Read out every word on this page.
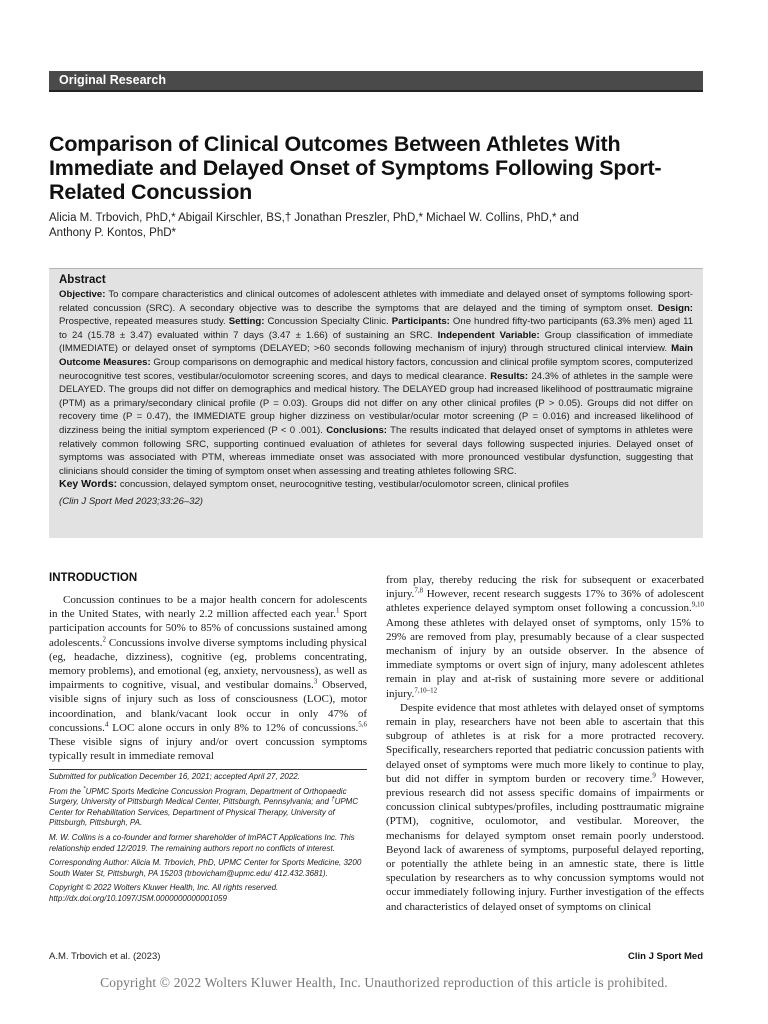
Original Research
Comparison of Clinical Outcomes Between Athletes With Immediate and Delayed Onset of Symptoms Following Sport-Related Concussion
Alicia M. Trbovich, PhD,* Abigail Kirschler, BS,† Jonathan Preszler, PhD,* Michael W. Collins, PhD,* and
Anthony P. Kontos, PhD*
Abstract

Objective: To compare characteristics and clinical outcomes of adolescent athletes with immediate and delayed onset of symptoms following sport-related concussion (SRC). A secondary objective was to describe the symptoms that are delayed and the timing of symptom onset. Design: Prospective, repeated measures study. Setting: Concussion Specialty Clinic. Participants: One hundred fifty-two participants (63.3% men) aged 11 to 24 (15.78 ± 3.47) evaluated within 7 days (3.47 ± 1.66) of sustaining an SRC. Independent Variable: Group classification of immediate (IMMEDIATE) or delayed onset of symptoms (DELAYED; >60 seconds following mechanism of injury) through structured clinical interview. Main Outcome Measures: Group comparisons on demographic and medical history factors, concussion and clinical profile symptom scores, computerized neurocognitive test scores, vestibular/oculomotor screening scores, and days to medical clearance. Results: 24.3% of athletes in the sample were DELAYED. The groups did not differ on demographics and medical history. The DELAYED group had increased likelihood of posttraumatic migraine (PTM) as a primary/secondary clinical profile (P = 0.03). Groups did not differ on any other clinical profiles (P > 0.05). Groups did not differ on recovery time (P = 0.47), the IMMEDIATE group higher dizziness on vestibular/ocular motor screening (P = 0.016) and increased likelihood of dizziness being the initial symptom experienced (P < 0 .001). Conclusions: The results indicated that delayed onset of symptoms in athletes were relatively common following SRC, supporting continued evaluation of athletes for several days following suspected injuries. Delayed onset of symptoms was associated with PTM, whereas immediate onset was associated with more pronounced vestibular dysfunction, suggesting that clinicians should consider the timing of symptom onset when assessing and treating athletes following SRC.

Key Words: concussion, delayed symptom onset, neurocognitive testing, vestibular/oculomotor screen, clinical profiles

(Clin J Sport Med 2023;33:26–32)

INTRODUCTION

Concussion continues to be a major health concern for adolescents in the United States, with nearly 2.2 million affected each year.$^1$ Sport participation accounts for 50% to 85% of concussions sustained among adolescents.$^2$ Concussions involve diverse symptoms including physical (eg, headache, dizziness), cognitive (eg, problems concentrating, memory problems), and emotional (eg, anxiety, nervousness), as well as impairments to cognitive, visual, and vestibular domains.$^3$ Observed, visible signs of injury such as loss of consciousness (LOC), motor incoordination, and blank/vacant look occur in only 47% of concussions.$^4$ LOC alone occurs in only 8% to 12% of concussions.$^{5,6}$ These visible signs of injury and/or overt concussion symptoms typically result in immediate removal

Submitted for publication December 16, 2021; accepted April 27, 2022.

From the *UPMC Sports Medicine Concussion Program, Department of Orthopaedic Surgery, University of Pittsburgh Medical Center, Pittsburgh, Pennsylvania; and †UPMC Center for Rehabilitation Services, Department of Physical Therapy, University of Pittsburgh, Pittsburgh, PA.

M. W. Collins is a co-founder and former shareholder of ImPACT Applications Inc. This relationship ended 12/2019. The remaining authors report no conflicts of interest.

Corresponding Author: Alicia M. Trbovich, PhD, UPMC Center for Sports Medicine, 3200 South Water St, Pittsburgh, PA 15203 (trbovicham@upmc.edu/ 412.432.3681).

Copyright © 2022 Wolters Kluwer Health, Inc. All rights reserved.

http://dx.doi.org/10.1097/JSM.0000000000001059

from play, thereby reducing the risk for subsequent or exacerbated injury.$^{7,8}$ However, recent research suggests 17% to 36% of adolescent athletes experience delayed symptom onset following a concussion.$^{9,10}$ Among these athletes with delayed onset of symptoms, only 15% to 29% are removed from play, presumably because of a clear suspected mechanism of injury by an outside observer. In the absence of immediate symptoms or overt sign of injury, many adolescent athletes remain in play and at-risk of sustaining more severe or additional injury.$^{7,10-12}$

Despite evidence that most athletes with delayed onset of symptoms remain in play, researchers have not been able to ascertain that this subgroup of athletes is at risk for a more protracted recovery. Specifically, researchers reported that pediatric concussion patients with delayed onset of symptoms were much more likely to continue to play, but did not differ in symptom burden or recovery time.$^9$ However, previous research did not assess specific domains of impairments or concussion clinical subtypes/profiles, including posttraumatic migraine (PTM), cognitive, oculomotor, and vestibular. Moreover, the mechanisms for delayed symptom onset remain poorly understood. Beyond lack of awareness of symptoms, purposeful delayed reporting, or potentially the athlete being in an amnestic state, there is little speculation by researchers as to why concussion symptoms would not occur immediately following injury. Further investigation of the effects and characteristics of delayed onset of symptoms on clinical

A.M. Trbovich et al. (2023)	Clin J Sport Med
Copyright © 2022 Wolters Kluwer Health, Inc. Unauthorized reproduction of this article is prohibited.
